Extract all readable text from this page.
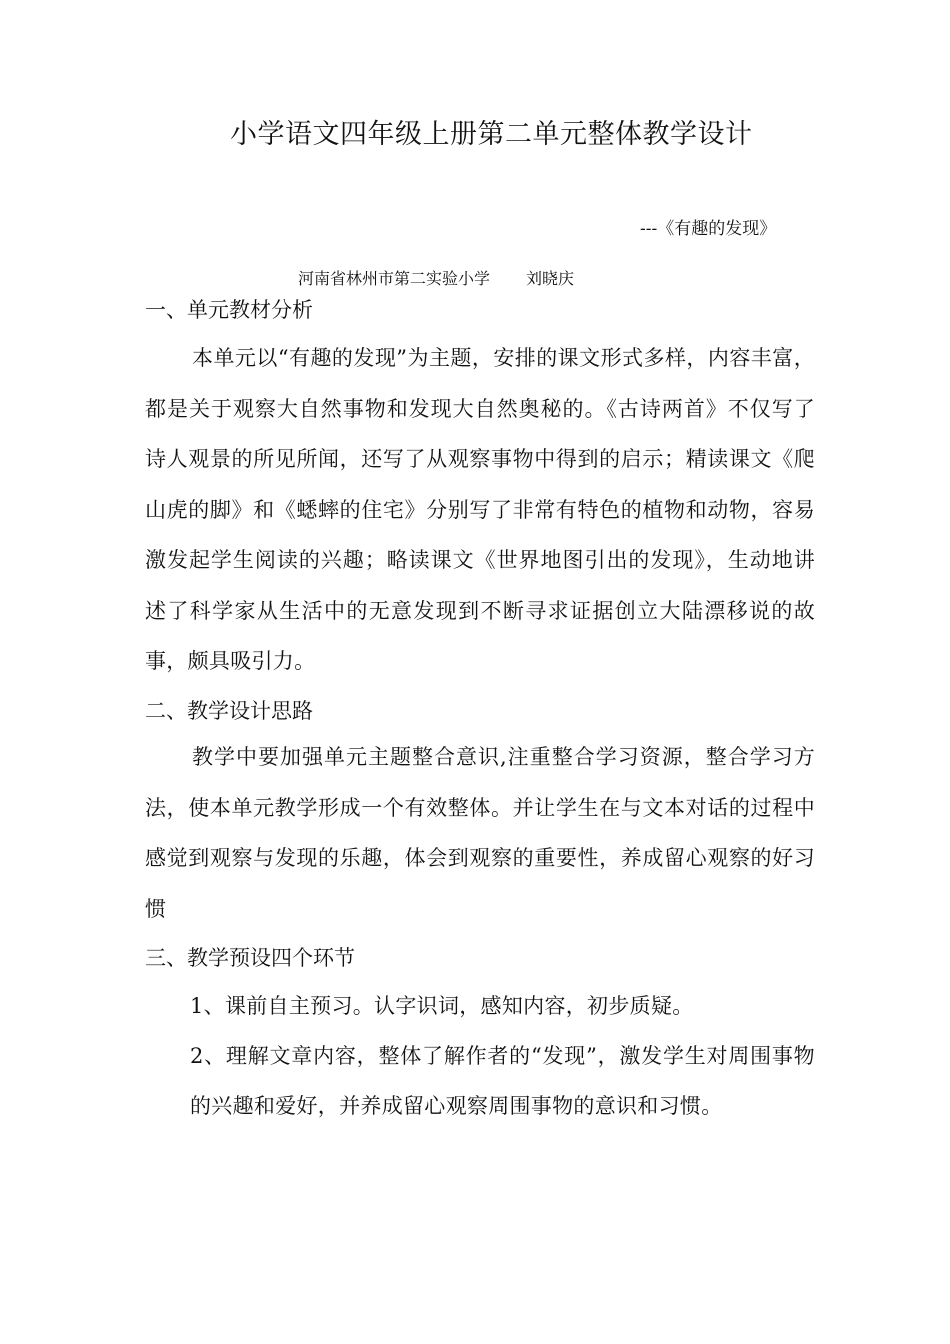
小学语文四年级上册第二单元整体教学设计
---《有趣的发现》
河南省林州市第二实验小学 刘晓庆
一、单元教材分析
本单元以“有趣的发现”为主题，安排的课文形式多样，内容丰富，都是关于观察大自然事物和发现大自然奥秘的。《古诗两首》不仅写了诗人观景的所见所闻，还写了从观察事物中得到的启示；精读课文《爬山虎的脚》和《蟋蟀的住宅》分别写了非常有特色的植物和动物，容易激发起学生阅读的兴趣；略读课文《世界地图引出的发现》，生动地讲述了科学家从生活中的无意发现到不断寻求证据创立大陆漂移说的故事，颇具吸引力。
二、教学设计思路
教学中要加强单元主题整合意识,注重整合学习资源，整合学习方法，使本单元教学形成一个有效整体。并让学生在与文本对话的过程中感觉到观察与发现的乐趣，体会到观察的重要性，养成留心观察的好习惯
三、教学预设四个环节
1、课前自主预习。认字识词，感知内容，初步质疑。
2、理解文章内容，整体了解作者的“发现”，激发学生对周围事物的兴趣和爱好，并养成留心观察周围事物的意识和习惯。
